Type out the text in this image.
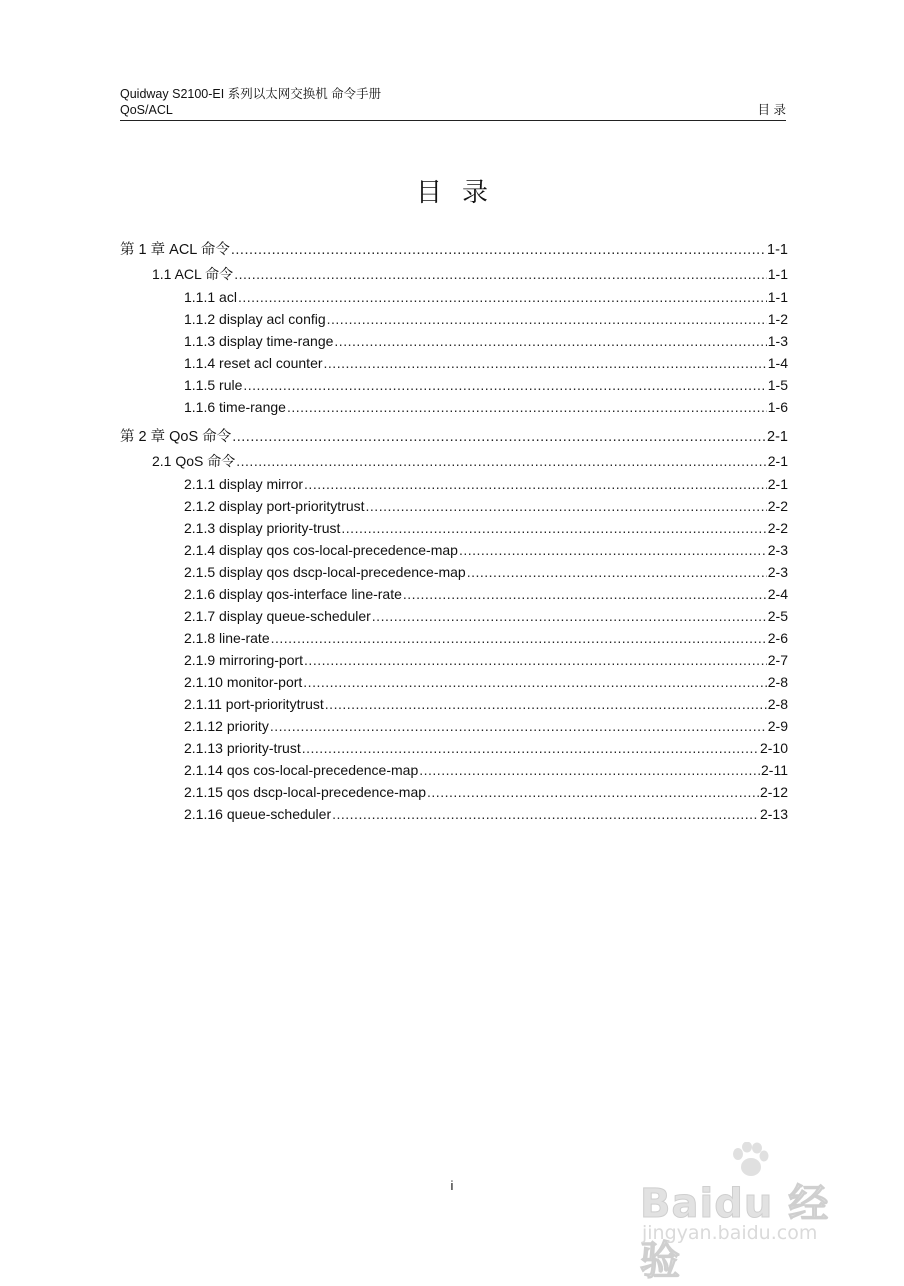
Quidway S2100-EI 系列以太网交换机 命令手册
QoS/ACL	目 录
目录
第 1 章 ACL 命令 .....	1-1
1.1 ACL 命令 .....	1-1
1.1.1 acl .....	1-1
1.1.2 display acl config .....	1-2
1.1.3 display time-range .....	1-3
1.1.4 reset acl counter .....	1-4
1.1.5 rule .....	1-5
1.1.6 time-range .....	1-6
第 2 章 QoS 命令 .....	2-1
2.1 QoS 命令 .....	2-1
2.1.1 display mirror .....	2-1
2.1.2 display port-prioritytrust .....	2-2
2.1.3 display priority-trust .....	2-2
2.1.4 display qos cos-local-precedence-map .....	2-3
2.1.5 display qos dscp-local-precedence-map .....	2-3
2.1.6 display qos-interface line-rate .....	2-4
2.1.7 display queue-scheduler .....	2-5
2.1.8 line-rate .....	2-6
2.1.9 mirroring-port .....	2-7
2.1.10 monitor-port .....	2-8
2.1.11 port-prioritytrust .....	2-8
2.1.12 priority .....	2-9
2.1.13 priority-trust .....	2-10
2.1.14 qos cos-local-precedence-map .....	2-11
2.1.15 qos dscp-local-precedence-map .....	2-12
2.1.16 queue-scheduler .....	2-13
i	Baidu 经验
jingyan.baidu.com
